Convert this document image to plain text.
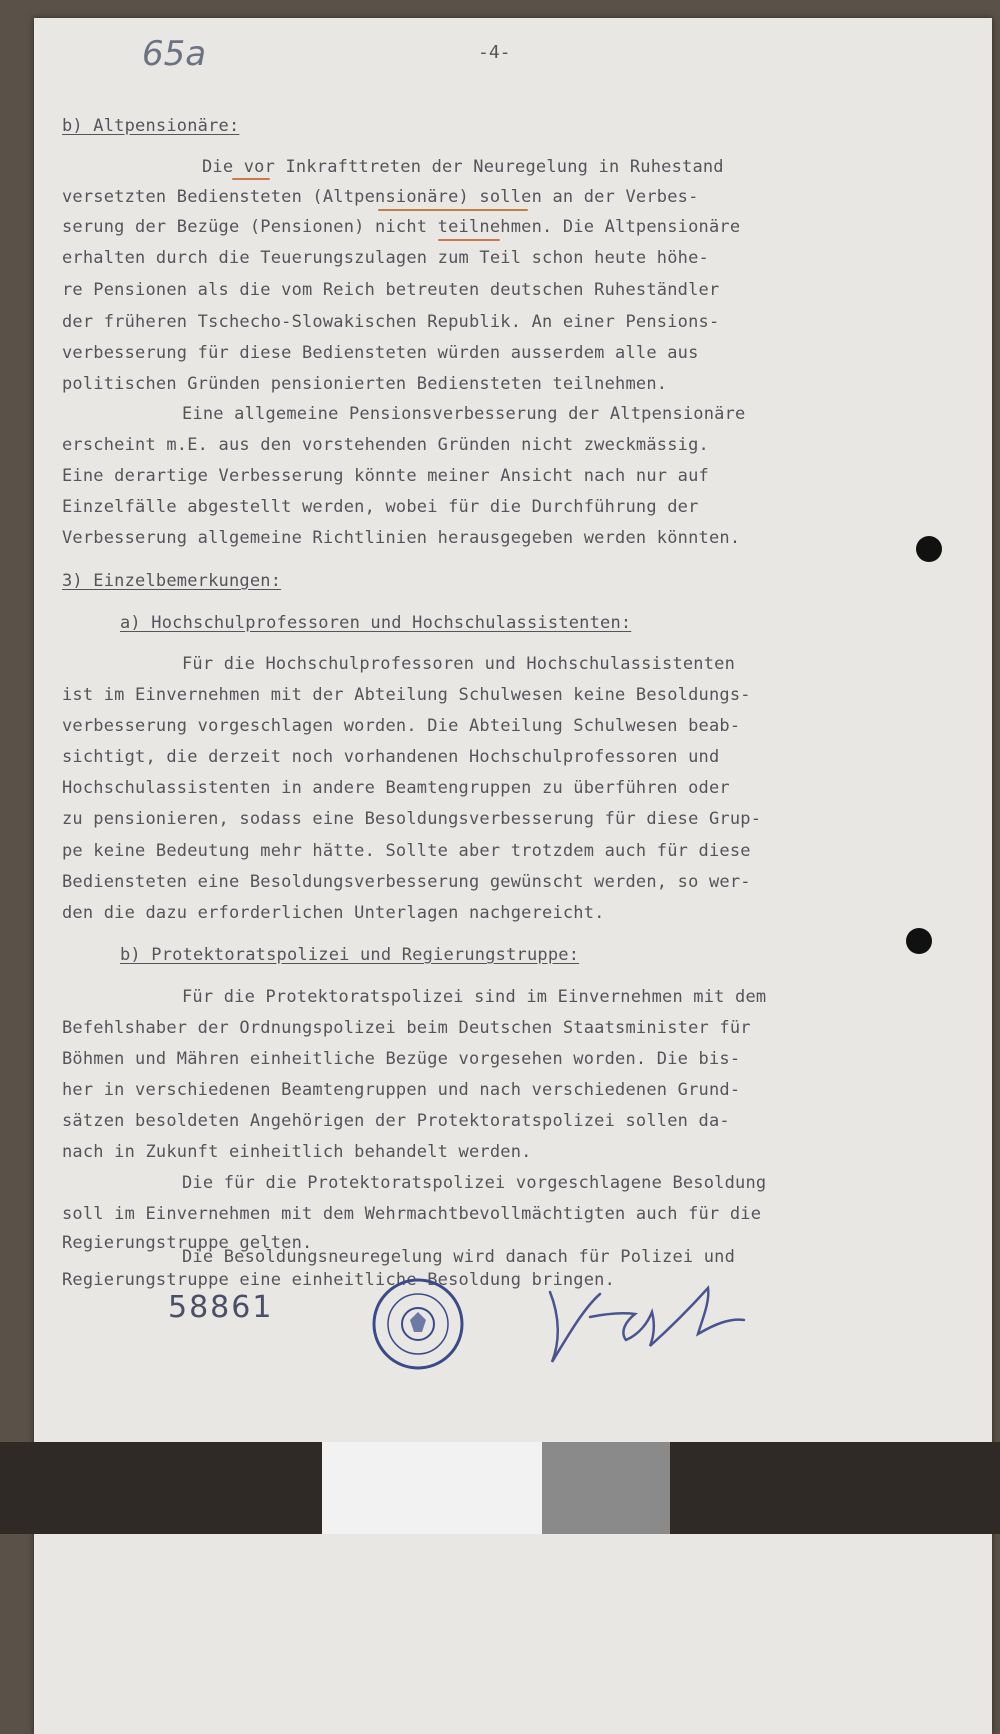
65a	-4-
b) Altpensionäre:
Die vor Inkrafttreten der Neuregelung in Ruhestand
versetzten Bediensteten (Altpensionäre) sollen an der Verbes-
serung der Bezüge (Pensionen) nicht teilnehmen. Die Altpensionäre
erhalten durch die Teuerungszulagen zum Teil schon heute höhe-
re Pensionen als die vom Reich betreuten deutschen Ruheständler
der früheren Tschecho-Slowakischen Republik. An einer Pensions-
verbesserung für diese Bediensteten würden ausserdem alle aus
politischen Gründen pensionierten Bediensteten teilnehmen.
Eine allgemeine Pensionsverbesserung der Altpensionäre
erscheint m.E. aus den vorstehenden Gründen nicht zweckmässig.
Eine derartige Verbesserung könnte meiner Ansicht nach nur auf
Einzelfälle abgestellt werden, wobei für die Durchführung der
Verbesserung allgemeine Richtlinien herausgegeben werden könnten.
3) Einzelbemerkungen:
a) Hochschulprofessoren und Hochschulassistenten:
Für die Hochschulprofessoren und Hochschulassistenten
ist im Einvernehmen mit der Abteilung Schulwesen keine Besoldungs-
verbesserung vorgeschlagen worden. Die Abteilung Schulwesen beab-
sichtigt, die derzeit noch vorhandenen Hochschulprofessoren und
Hochschulassistenten in andere Beamtengruppen zu überführen oder
zu pensionieren, sodass eine Besoldungsverbesserung für diese Grup-
pe keine Bedeutung mehr hätte. Sollte aber trotzdem auch für diese
Bediensteten eine Besoldungsverbesserung gewünscht werden, so wer-
den die dazu erforderlichen Unterlagen nachgereicht.
b) Protektoratspolizei und Regierungstruppe:
Für die Protektoratspolizei sind im Einvernehmen mit dem
Befehlshaber der Ordnungspolizei beim Deutschen Staatsminister für
Böhmen und Mähren einheitliche Bezüge vorgesehen worden. Die bis-
her in verschiedenen Beamtengruppen und nach verschiedenen Grund-
sätzen besoldeten Angehörigen der Protektoratspolizei sollen da-
nach in Zukunft einheitlich behandelt werden.
Die für die Protektoratspolizei vorgeschlagene Besoldung
soll im Einvernehmen mit dem Wehrmachtbevollmächtigten auch für die
Regierungstruppe gelten.
Die Besoldungsneuregelung wird danach für Polizei und
Regierungstruppe eine einheitliche Besoldung bringen.
58861
